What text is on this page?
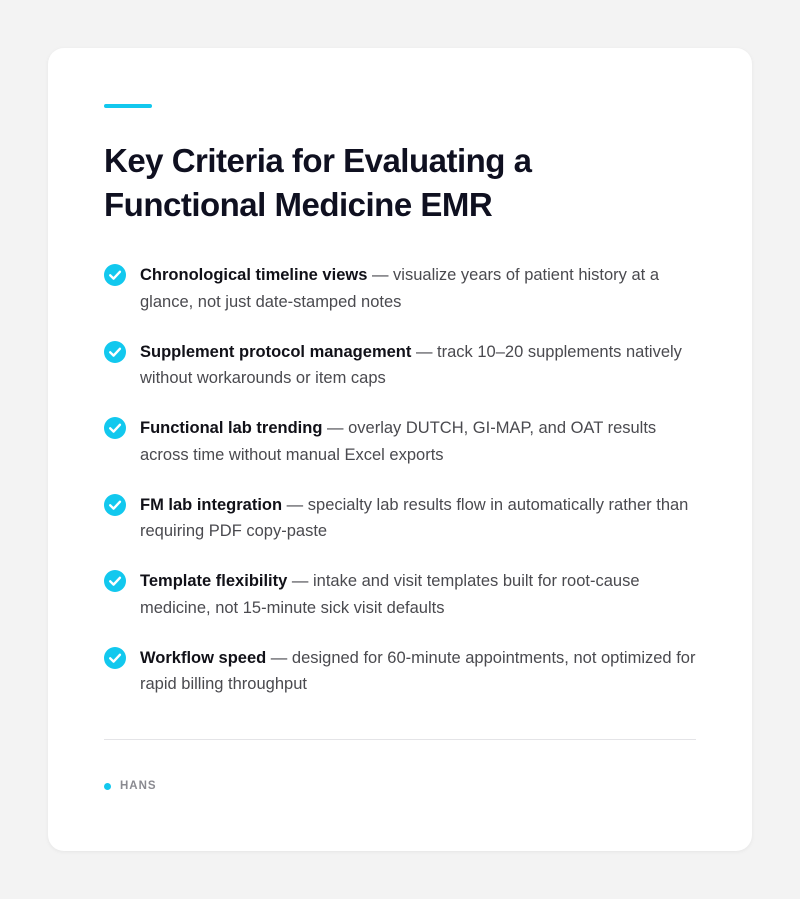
Key Criteria for Evaluating a
Functional Medicine EMR
Chronological timeline views — visualize years of patient history at a glance, not just date-stamped notes
Supplement protocol management — track 10–20 supplements natively without workarounds or item caps
Functional lab trending — overlay DUTCH, GI-MAP, and OAT results across time without manual Excel exports
FM lab integration — specialty lab results flow in automatically rather than requiring PDF copy-paste
Template flexibility — intake and visit templates built for root-cause medicine, not 15-minute sick visit defaults
Workflow speed — designed for 60-minute appointments, not optimized for rapid billing throughput
HANS
